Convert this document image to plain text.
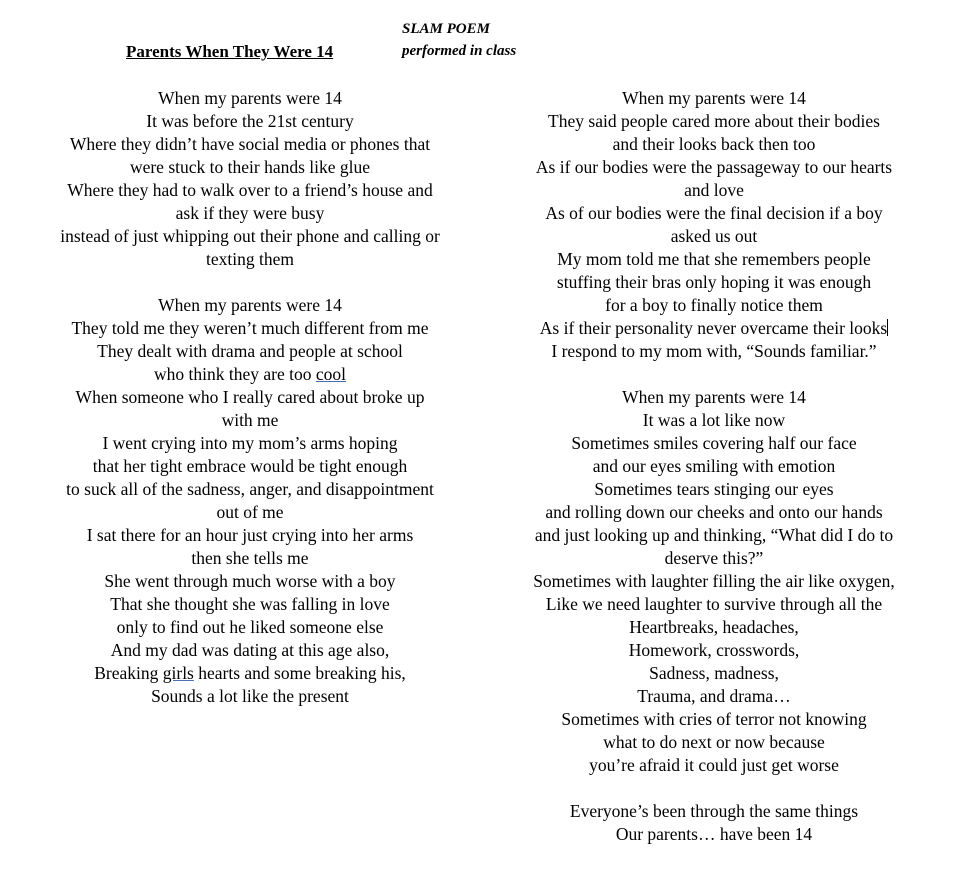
Parents When They Were 14
SLAM POEM
performed in class
When my parents were 14
It was before the 21st century
Where they didn’t have social media or phones that
were stuck to their hands like glue
Where they had to walk over to a friend’s house and
ask if they were busy
instead of just whipping out their phone and calling or
texting them
When my parents were 14
They told me they weren’t much different from me
They dealt with drama and people at school
who think they are too cool
When someone who I really cared about broke up
with me
I went crying into my mom’s arms hoping
that her tight embrace would be tight enough
to suck all of the sadness, anger, and disappointment
out of me
I sat there for an hour just crying into her arms
then she tells me
She went through much worse with a boy
That she thought she was falling in love
only to find out he liked someone else
And my dad was dating at this age also,
Breaking girls hearts and some breaking his,
Sounds a lot like the present
When my parents were 14
They said people cared more about their bodies
and their looks back then too
As if our bodies were the passageway to our hearts
and love
As of our bodies were the final decision if a boy
asked us out
My mom told me that she remembers people
stuffing their bras only hoping it was enough
for a boy to finally notice them
As if their personality never overcame their looks
I respond to my mom with, “Sounds familiar.”
When my parents were 14
It was a lot like now
Sometimes smiles covering half our face
and our eyes smiling with emotion
Sometimes tears stinging our eyes
and rolling down our cheeks and onto our hands
and just looking up and thinking, “What did I do to
deserve this?”
Sometimes with laughter filling the air like oxygen,
Like we need laughter to survive through all the
Heartbreaks, headaches,
Homework, crosswords,
Sadness, madness,
Trauma, and drama…
Sometimes with cries of terror not knowing
what to do next or now because
you’re afraid it could just get worse
Everyone’s been through the same things
Our parents… have been 14
